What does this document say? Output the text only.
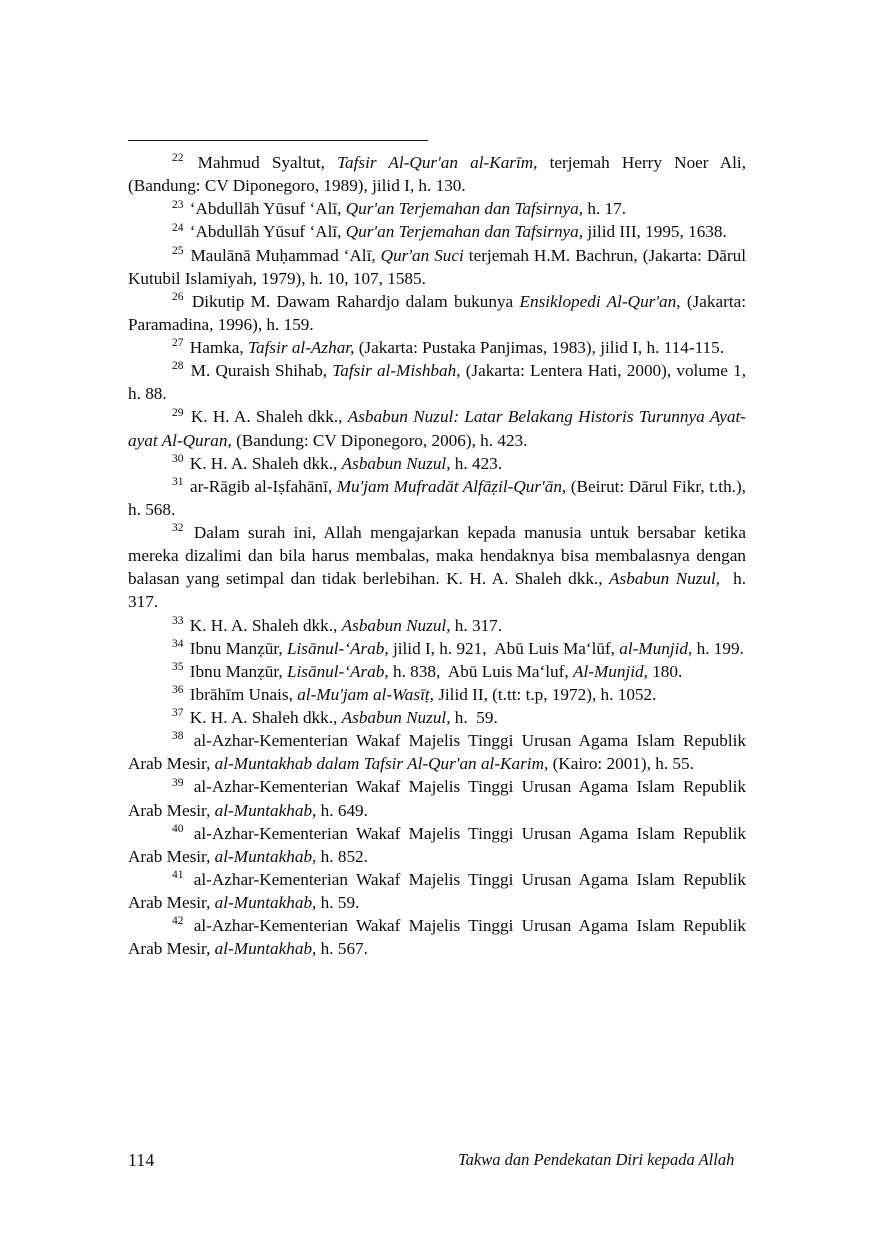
$^{22}$ Mahmud Syaltut, Tafsir Al-Qur'an al-Karīm, terjemah Herry Noer Ali, (Bandung: CV Diponegoro, 1989), jilid I, h. 130.

$^{23}$ ‘Abdullāh Yūsuf ‘Alī, Qur'an Terjemahan dan Tafsirnya, h. 17.

$^{24}$ ‘Abdullāh Yūsuf ‘Alī, Qur'an Terjemahan dan Tafsirnya, jilid III, 1995, 1638.

$^{25}$ Maulānā Muḥammad ‘Alī, Qur'an Suci terjemah H.M. Bachrun, (Jakarta: Dārul Kutubil Islamiyah, 1979), h. 10, 107, 1585.

$^{26}$ Dikutip M. Dawam Rahardjo dalam bukunya Ensiklopedi Al-Qur'an, (Jakarta: Paramadina, 1996), h. 159.

$^{27}$ Hamka, Tafsir al-Azhar, (Jakarta: Pustaka Panjimas, 1983), jilid I, h. 114-115.

$^{28}$ M. Quraish Shihab, Tafsir al-Mishbah, (Jakarta: Lentera Hati, 2000), volume 1, h. 88.

$^{29}$ K. H. A. Shaleh dkk., Asbabun Nuzul: Latar Belakang Historis Turunnya Ayat-ayat Al-Quran, (Bandung: CV Diponegoro, 2006), h. 423.

$^{30}$ K. H. A. Shaleh dkk., Asbabun Nuzul, h. 423.

$^{31}$ ar-Rāgib al-Iṣfahānī, Mu'jam Mufradāt Alfāẓil-Qur'ān, (Beirut: Dārul Fikr, t.th.), h. 568.

$^{32}$ Dalam surah ini, Allah mengajarkan kepada manusia untuk bersabar ketika mereka dizalimi dan bila harus membalas, maka hendaknya bisa membalasnya dengan balasan yang setimpal dan tidak berlebihan. K. H. A. Shaleh dkk., Asbabun Nuzul,  h. 317.

$^{33}$ K. H. A. Shaleh dkk., Asbabun Nuzul, h. 317.

$^{34}$ Ibnu Manẓūr, Lisānul-‘Arab, jilid I, h. 921,  Abū Luis Ma‘lūf, al-Munjid, h. 199.

$^{35}$ Ibnu Manẓūr, Lisānul-‘Arab, h. 838,  Abū Luis Ma‘luf, Al-Munjid, 180.

$^{36}$ Ibrāhīm Unais, al-Mu'jam al-Wasīṭ, Jilid II, (t.tt: t.p, 1972), h. 1052.

$^{37}$ K. H. A. Shaleh dkk., Asbabun Nuzul, h.  59.

$^{38}$ al-Azhar-Kementerian Wakaf Majelis Tinggi Urusan Agama Islam Republik Arab Mesir, al-Muntakhab dalam Tafsir Al-Qur'an al-Karim, (Kairo: 2001), h. 55.

$^{39}$ al-Azhar-Kementerian Wakaf Majelis Tinggi Urusan Agama Islam Republik Arab Mesir, al-Muntakhab, h. 649.

$^{40}$ al-Azhar-Kementerian Wakaf Majelis Tinggi Urusan Agama Islam Republik Arab Mesir, al-Muntakhab, h. 852.

$^{41}$ al-Azhar-Kementerian Wakaf Majelis Tinggi Urusan Agama Islam Republik Arab Mesir, al-Muntakhab, h. 59.

$^{42}$ al-Azhar-Kementerian Wakaf Majelis Tinggi Urusan Agama Islam Republik Arab Mesir, al-Muntakhab, h. 567.

114	Takwa dan Pendekatan Diri kepada Allah
